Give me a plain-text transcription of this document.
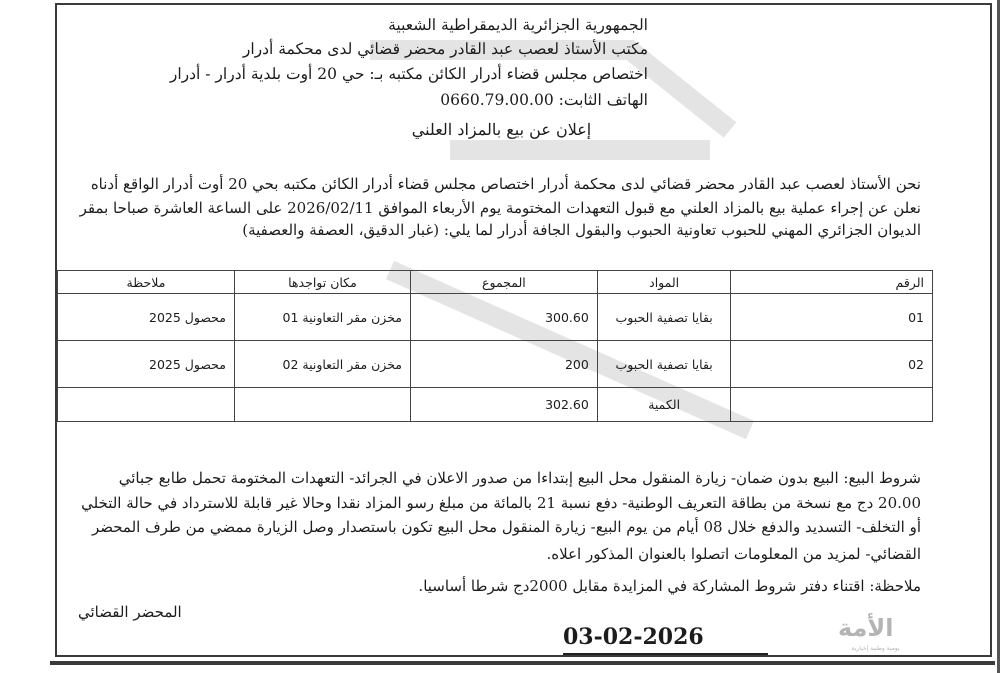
الجمهورية الجزائرية الديمقراطية الشعبية
مكتب الأستاذ لعصب عبد القادر محضر قضائي لدى محكمة أدرار
اختصاص مجلس قضاء أدرار الكائن مكتبه بـ: حي 20 أوت بلدية أدرار - أدرار
الهاتف الثابت: 0660.79.00.00
إعلان عن بيع بالمزاد العلني
نحن الأستاذ لعصب عبد القادر محضر قضائي لدى محكمة أدرار اختصاص مجلس قضاء أدرار الكائن مكتبه بحي 20 أوت أدرار الواقع أدناه
نعلن عن إجراء عملية بيع بالمزاد العلني مع قبول التعهدات المختومة يوم الأربعاء الموافق 2026/02/11 على الساعة العاشرة صباحا بمقر
الديوان الجزائري المهني للحبوب تعاونية الحبوب والبقول الجافة أدرار لما يلي: (غبار الدقيق، العصفة والعصفية)
الرقم	المواد	المجموع	مكان تواجدها	ملاحظة
01	بقايا تصفية الحبوب	300.60	مخزن مقر التعاونية 01	محصول 2025
02	بقايا تصفية الحبوب	200	مخزن مقر التعاونية 02	محصول 2025
	الكمية	302.60		
شروط البيع: البيع بدون ضمان- زيارة المنقول محل البيع إبتداءا من صدور الاعلان في الجرائد- التعهدات المختومة تحمل طابع جبائي
20.00 دج مع نسخة من بطاقة التعريف الوطنية- دفع نسبة 21 بالمائة من مبلغ رسو المزاد نقدا وحالا غير قابلة للاسترداد في حالة التخلي
أو التخلف- التسديد والدفع خلال 08 أيام من يوم البيع- زيارة المنقول محل البيع تكون باستصدار وصل الزيارة ممضي من طرف المحضر
القضائي- لمزيد من المعلومات اتصلوا بالعنوان المذكور اعلاه.
ملاحظة: اقتناء دفتر شروط المشاركة في المزايدة مقابل 2000دج شرطا أساسيا.
المحضر القضائي
03-02-2026	الأمة
يومية وطنية إخبارية
